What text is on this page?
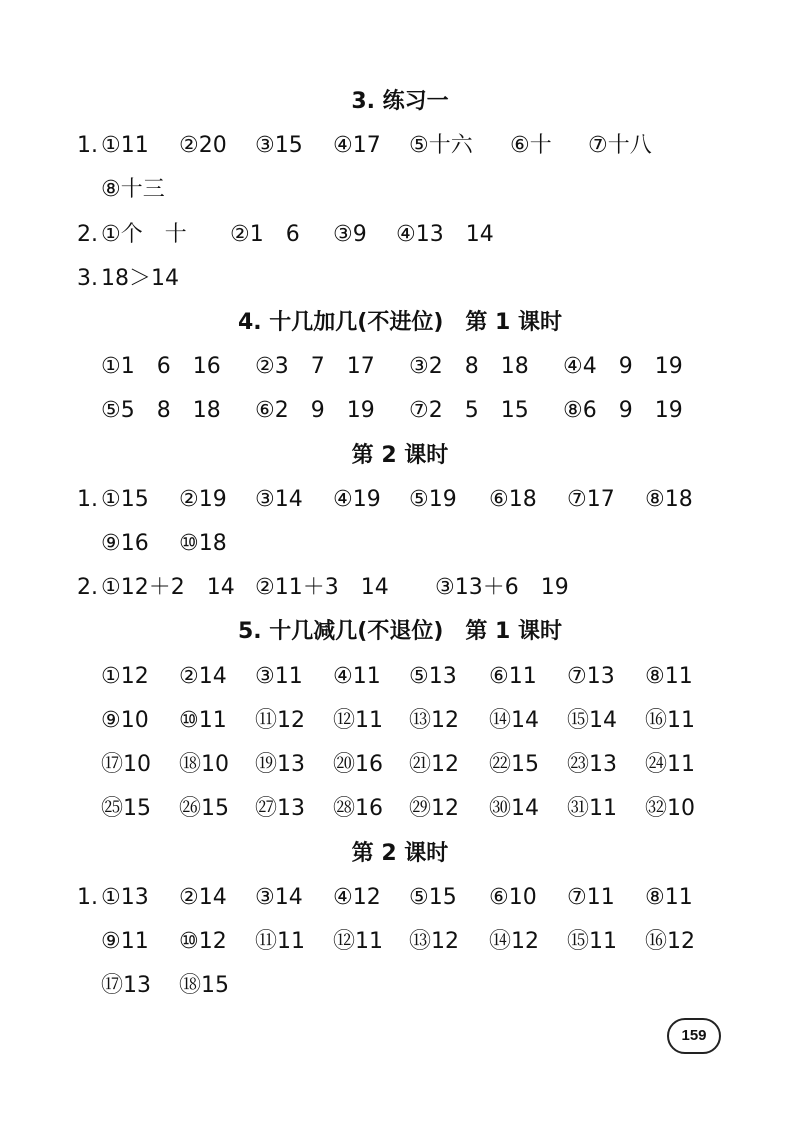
3. 练习一
1. ①11 ②20 ③15 ④17 ⑤十六 ⑥十 ⑦十八
⑧十三
2. ①个　十 ②1　6 ③9 ④13　14
3. 18＞14
4. 十几加几(不进位)　第 1 课时
①1　6　16 ②3　7　17 ③2　8　18 ④4　9　19
⑤5　8　18 ⑥2　9　19 ⑦2　5　15 ⑧6　9　19
第 2 课时
1. ①15 ②19 ③14 ④19 ⑤19 ⑥18 ⑦17 ⑧18
⑨16 ⑩18
2. ①12＋2　14 ②11＋3　14 ③13＋6　19
5. 十几减几(不退位)　第 1 课时
①12 ②14 ③11 ④11 ⑤13 ⑥11 ⑦13 ⑧11
⑨10 ⑩11 ⑪12 ⑫11 ⑬12 ⑭14 ⑮14 ⑯11
⑰10 ⑱10 ⑲13 ⑳16 ㉑12 ㉒15 ㉓13 ㉔11
㉕15 ㉖15 ㉗13 ㉘16 ㉙12 ㉚14 ㉛11 ㉜10
第 2 课时
1. ①13 ②14 ③14 ④12 ⑤15 ⑥10 ⑦11 ⑧11
⑨11 ⑩12 ⑪11 ⑫11 ⑬12 ⑭12 ⑮11 ⑯12
⑰13 ⑱15
159
